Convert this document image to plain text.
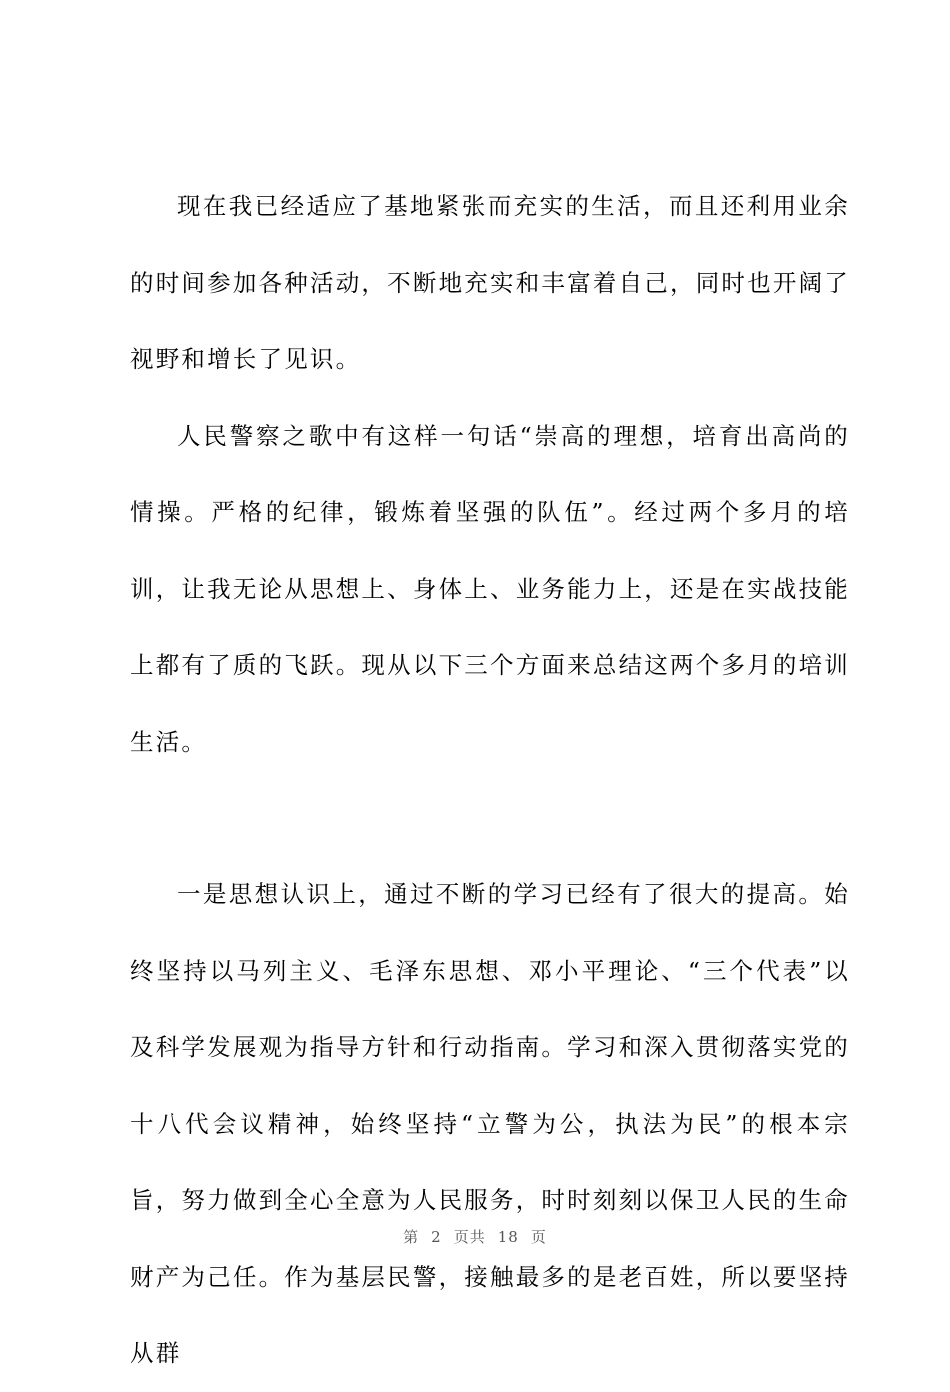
现在我已经适应了基地紧张而充实的生活，而且还利用业余的时间参加各种活动，不断地充实和丰富着自己，同时也开阔了视野和增长了见识。

人民警察之歌中有这样一句话“崇高的理想，培育出高尚的情操。严格的纪律，锻炼着坚强的队伍”。经过两个多月的培训，让我无论从思想上、身体上、业务能力上，还是在实战技能上都有了质的飞跃。现从以下三个方面来总结这两个多月的培训生活。

一是思想认识上，通过不断的学习已经有了很大的提高。始终坚持以马列主义、毛泽东思想、邓小平理论、“三个代表”以及科学发展观为指导方针和行动指南。学习和深入贯彻落实党的十八代会议精神，始终坚持“立警为公，执法为民”的根本宗旨，努力做到全心全意为人民服务，时时刻刻以保卫人民的生命财产为己任。作为基层民警，接触最多的是老百姓，所以要坚持从群

第 2 页共 18 页
